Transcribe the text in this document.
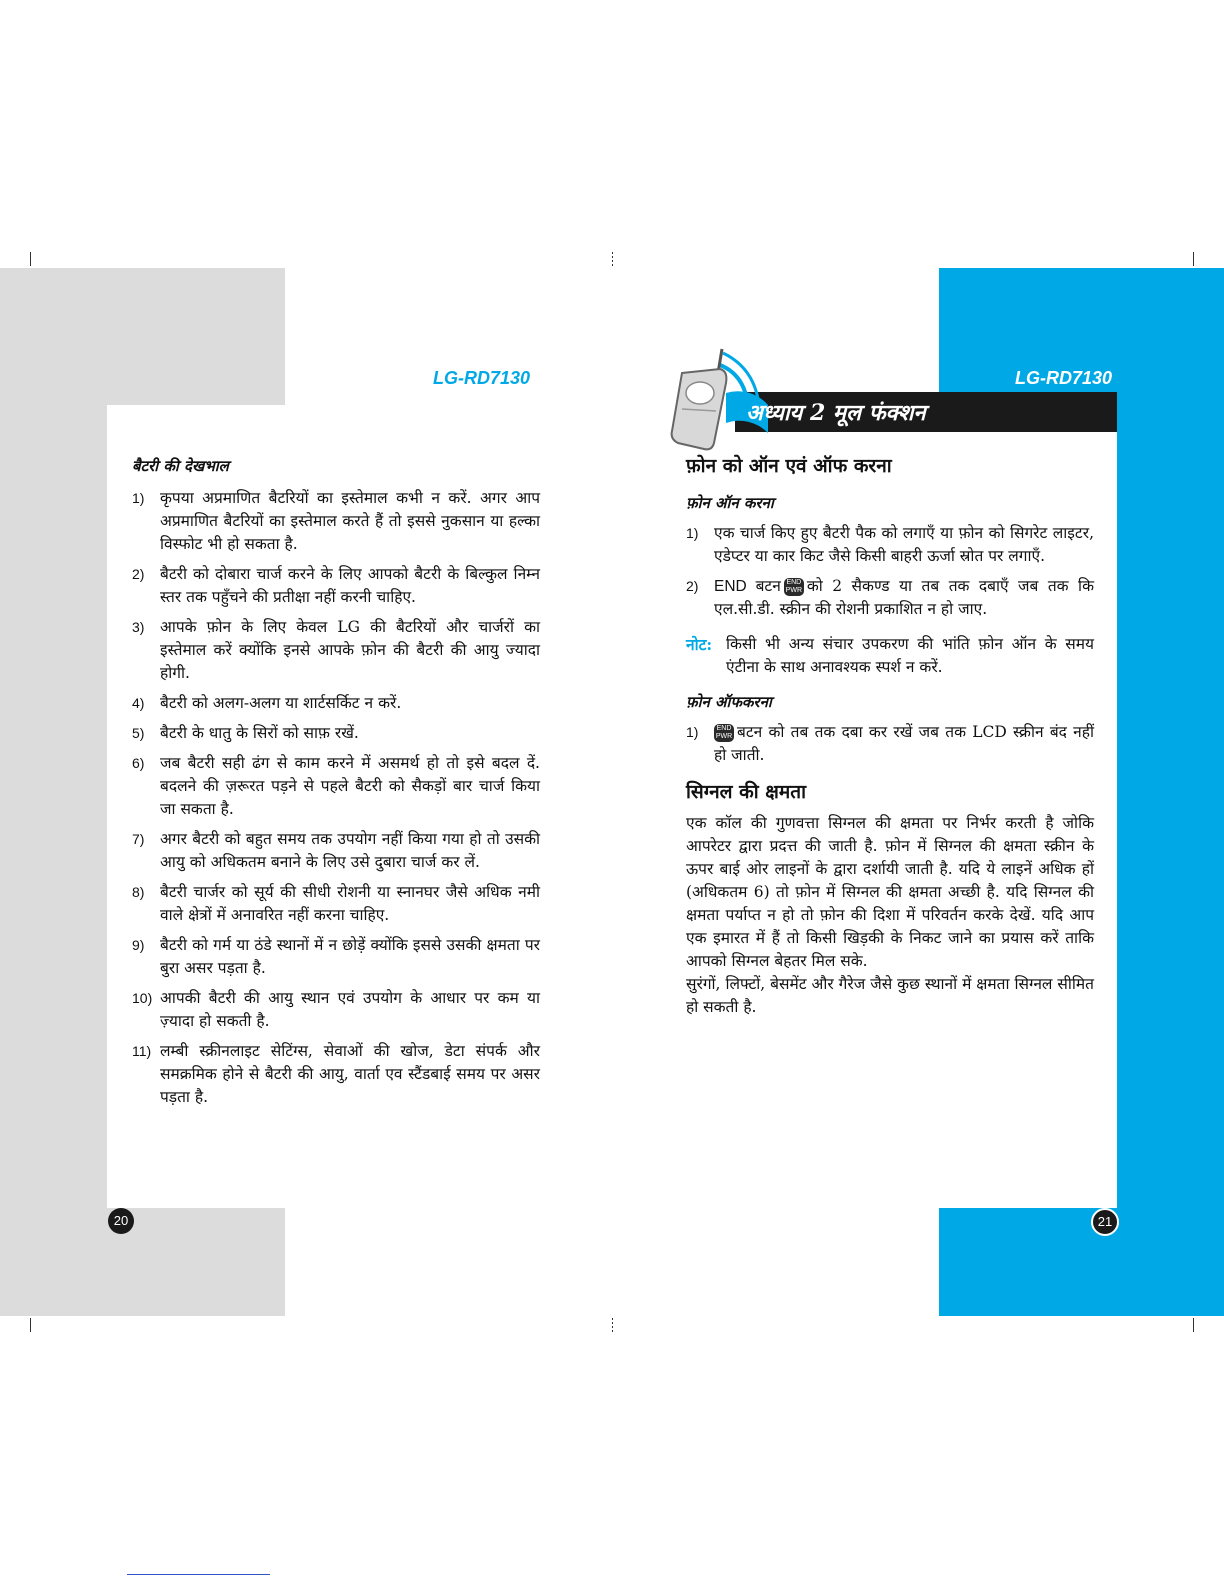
LG-RD7130	LG-RD7130
अध्याय 2 मूल फंक्शन
बैटरी की देखभाल
1) कृपया अप्रमाणित बैटरियों का इस्तेमाल कभी न करें. अगर आप अप्रमाणित बैटरियों का इस्तेमाल करते हैं तो इससे नुकसान या हल्का विस्फोट भी हो सकता है.
2) बैटरी को दोबारा चार्ज करने के लिए आपको बैटरी के बिल्कुल निम्न स्तर तक पहुँचने की प्रतीक्षा नहीं करनी चाहिए.
3) आपके फ़ोन के लिए केवल LG की बैटरियों और चार्जरों का इस्तेमाल करें क्योंकि इनसे आपके फ़ोन की बैटरी की आयु ज्यादा होगी.
4) बैटरी को अलग-अलग या शार्टसर्किट न करें.
5) बैटरी के धातु के सिरों को साफ़ रखें.
6) जब बैटरी सही ढंग से काम करने में असमर्थ हो तो इसे बदल दें. बदलने की ज़रूरत पड़ने से पहले बैटरी को सैकड़ों बार चार्ज किया जा सकता है.
7) अगर बैटरी को बहुत समय तक उपयोग नहीं किया गया हो तो उसकी आयु को अधिकतम बनाने के लिए उसे दुबारा चार्ज कर लें.
8) बैटरी चार्जर को सूर्य की सीधी रोशनी या स्नानघर जैसे अधिक नमी वाले क्षेत्रों में अनावरित नहीं करना चाहिए.
9) बैटरी को गर्म या ठंडे स्थानों में न छोड़ें क्योंकि इससे उसकी क्षमता पर बुरा असर पड़ता है.
10) आपकी बैटरी की आयु स्थान एवं उपयोग के आधार पर कम या ज़्यादा हो सकती है.
11) लम्बी स्क्रीनलाइट सेटिंग्स, सेवाओं की खोज, डेटा संपर्क और समक्रमिक होने से बैटरी की आयु, वार्ता एव स्टैंडबाई समय पर असर पड़ता है.
फ़ोन को ऑन एवं ऑफ करना
फ़ोन ऑन करना
1) एक चार्ज किए हुए बैटरी पैक को लगाएँ या फ़ोन को सिगरेट लाइटर, एडेप्टर या कार किट जैसे किसी बाहरी ऊर्जा स्रोत पर लगाएँ.
2) END बटन END
PWR को 2 सैकण्ड या तब तक दबाएँ जब तक कि एल.सी.डी. स्क्रीन की रोशनी प्रकाशित न हो जाए.
नोट: किसी भी अन्य संचार उपकरण की भांति फ़ोन ऑन के समय एंटीना के साथ अनावश्यक स्पर्श न करें.
फ़ोन ऑफकरना
1)	END
PWR बटन को तब तक दबा कर रखें जब तक LCD स्क्रीन बंद नहीं हो जाती.
सिग्नल की क्षमता

एक कॉल की गुणवत्ता सिग्नल की क्षमता पर निर्भर करती है जोकि आपरेटर द्वारा प्रदत्त की जाती है. फ़ोन में सिग्नल की क्षमता स्क्रीन के ऊपर बाई ओर लाइनों के द्वारा दर्शायी जाती है. यदि ये लाइनें अधिक हों (अधिकतम 6) तो फ़ोन में सिग्नल की क्षमता अच्छी है. यदि सिग्नल की क्षमता पर्याप्त न हो तो फ़ोन की दिशा में परिवर्तन करके देखें. यदि आप एक इमारत में हैं तो किसी खिड़की के निकट जाने का प्रयास करें ताकि आपको सिग्नल बेहतर मिल सके.

सुरंगों, लिफ्टों, बेसमेंट और गैरेज जैसे कुछ स्थानों में क्षमता सिग्नल सीमित हो सकती है.

20	21
